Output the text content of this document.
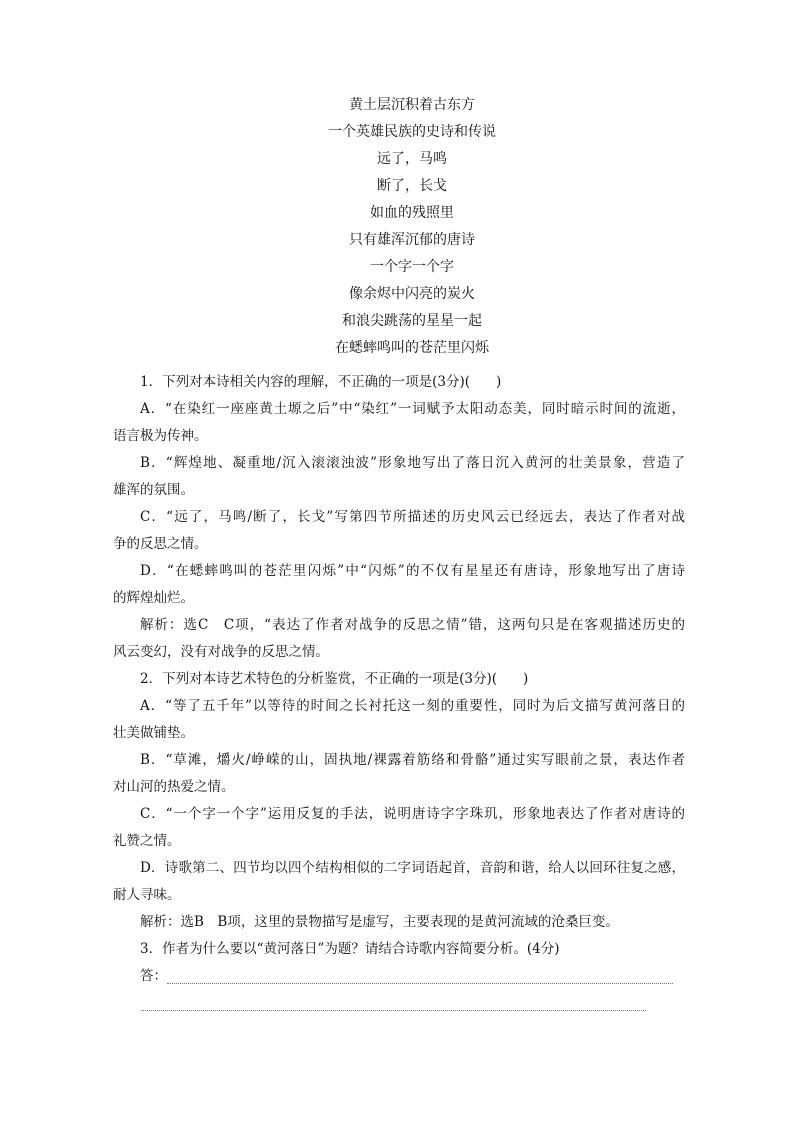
黄土层沉积着古东方
一个英雄民族的史诗和传说
远了，马鸣
断了，长戈
如血的残照里
只有雄浑沉郁的唐诗
一个字一个字
像余烬中闪亮的炭火
和浪尖跳荡的星星一起
在蟋蟀鸣叫的苍茫里闪烁
1．下列对本诗相关内容的理解，不正确的一项是(3分)( )
A．“在染红一座座黄土塬之后”中“染红”一词赋予太阳动态美，同时暗示时间的流逝，
语言极为传神。
B．“辉煌地、凝重地/沉入滚滚浊波”形象地写出了落日沉入黄河的壮美景象，营造了
雄浑的氛围。
C．“远了，马鸣/断了，长戈”写第四节所描述的历史风云已经远去，表达了作者对战
争的反思之情。
D．“在蟋蟀鸣叫的苍茫里闪烁”中“闪烁”的不仅有星星还有唐诗，形象地写出了唐诗
的辉煌灿烂。
解析：选C　C项，“表达了作者对战争的反思之情”错，这两句只是在客观描述历史的
风云变幻，没有对战争的反思之情。
2．下列对本诗艺术特色的分析鉴赏，不正确的一项是(3分)( )
A．“等了五千年”以等待的时间之长衬托这一刻的重要性，同时为后文描写黄河落日的
壮美做铺垫。
B．“草滩，爝火/峥嵘的山，固执地/裸露着筋络和骨骼”通过实写眼前之景，表达作者
对山河的热爱之情。
C．“一个字一个字”运用反复的手法，说明唐诗字字珠玑，形象地表达了作者对唐诗的
礼赞之情。
D．诗歌第二、四节均以四个结构相似的二字词语起首，音韵和谐，给人以回环往复之感，
耐人寻味。
解析：选B　B项，这里的景物描写是虚写，主要表现的是黄河流域的沧桑巨变。
3．作者为什么要以“黄河落日”为题？请结合诗歌内容简要分析。(4分)
答：
